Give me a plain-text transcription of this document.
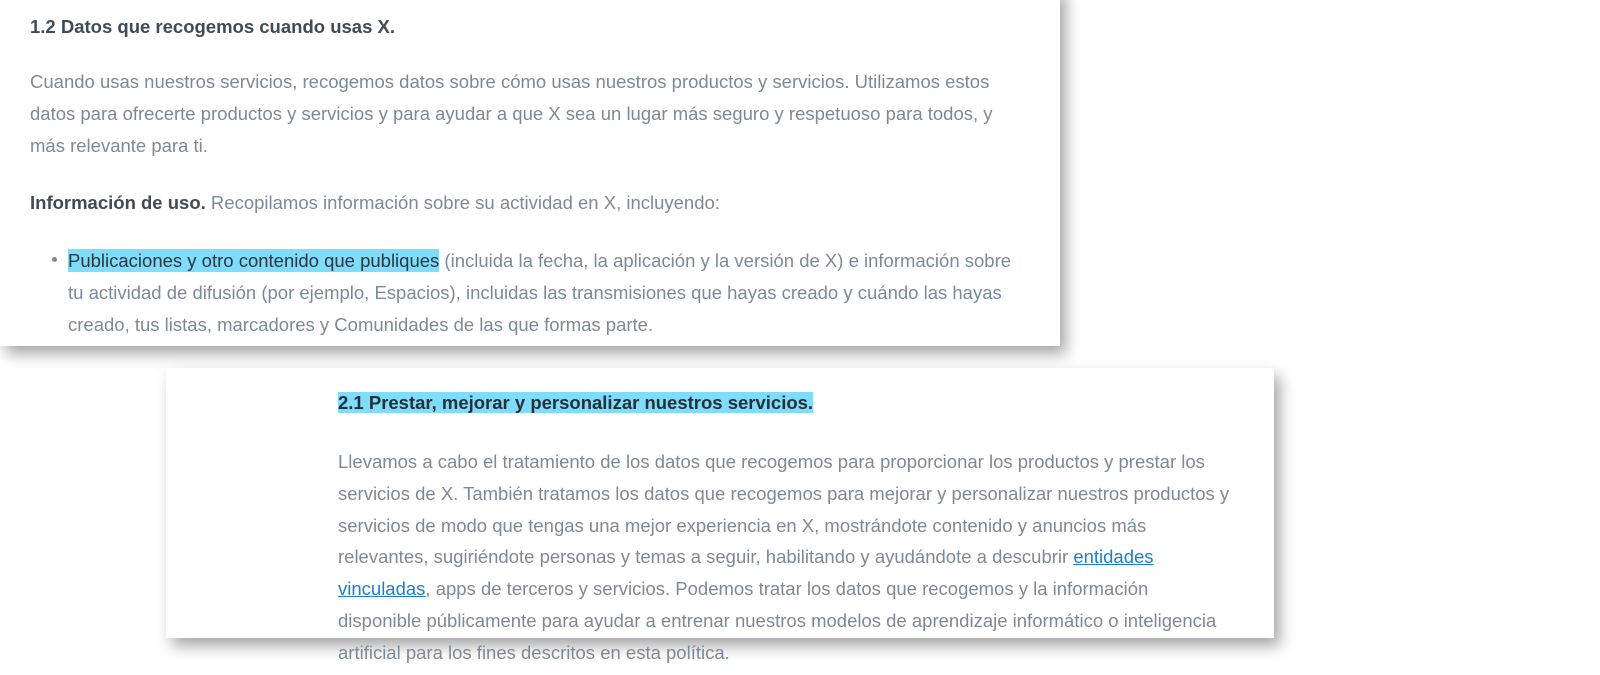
1.2 Datos que recogemos cuando usas X.

Cuando usas nuestros servicios, recogemos datos sobre cómo usas nuestros productos y servicios. Utilizamos estos datos para ofrecerte productos y servicios y para ayudar a que X sea un lugar más seguro y respetuoso para todos, y más relevante para ti.

Información de uso. Recopilamos información sobre su actividad en X, incluyendo:

Publicaciones y otro contenido que publiques (incluida la fecha, la aplicación y la versión de X) e información sobre tu actividad de difusión (por ejemplo, Espacios), incluidas las transmisiones que hayas creado y cuándo las hayas creado, tus listas, marcadores y Comunidades de las que formas parte.
2.1 Prestar, mejorar y personalizar nuestros servicios.

Llevamos a cabo el tratamiento de los datos que recogemos para proporcionar los productos y prestar los servicios de X. También tratamos los datos que recogemos para mejorar y personalizar nuestros productos y servicios de modo que tengas una mejor experiencia en X, mostrándote contenido y anuncios más relevantes, sugiriéndote personas y temas a seguir, habilitando y ayudándote a descubrir entidades vinculadas, apps de terceros y servicios. Podemos tratar los datos que recogemos y la información disponible públicamente para ayudar a entrenar nuestros modelos de aprendizaje informático o inteligencia artificial para los fines descritos en esta política.
